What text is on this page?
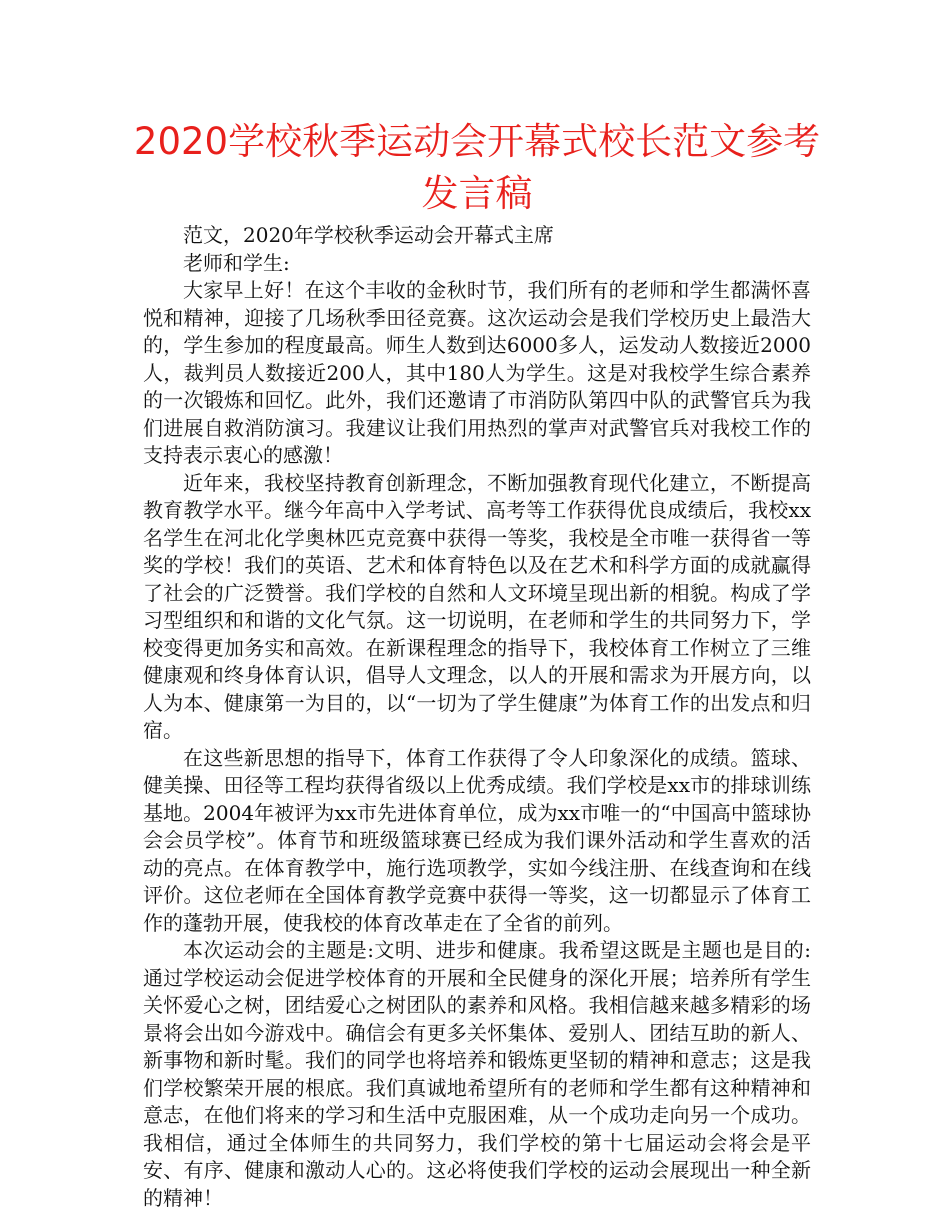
2020学校秋季运动会开幕式校长范文参考发言稿

范文，2020年学校秋季运动会开幕式主席

老师和学生:

大家早上好！在这个丰收的金秋时节，我们所有的老师和学生都满怀喜悦和精神，迎接了几场秋季田径竞赛。这次运动会是我们学校历史上最浩大的，学生参加的程度最高。师生人数到达6000多人，运发动人数接近2000人，裁判员人数接近200人，其中180人为学生。这是对我校学生综合素养的一次锻炼和回忆。此外，我们还邀请了市消防队第四中队的武警官兵为我们进展自救消防演习。我建议让我们用热烈的掌声对武警官兵对我校工作的支持表示衷心的感激！

近年来，我校坚持教育创新理念，不断加强教育现代化建立，不断提高教育教学水平。继今年高中入学考试、高考等工作获得优良成绩后，我校xx名学生在河北化学奥林匹克竞赛中获得一等奖，我校是全市唯一获得省一等奖的学校！我们的英语、艺术和体育特色以及在艺术和科学方面的成就赢得了社会的广泛赞誉。我们学校的自然和人文环境呈现出新的相貌。构成了学习型组织和和谐的文化气氛。这一切说明，在老师和学生的共同努力下，学校变得更加务实和高效。在新课程理念的指导下，我校体育工作树立了三维健康观和终身体育认识，倡导人文理念，以人的开展和需求为开展方向，以人为本、健康第一为目的，以“一切为了学生健康”为体育工作的出发点和归宿。

在这些新思想的指导下，体育工作获得了令人印象深化的成绩。篮球、健美操、田径等工程均获得省级以上优秀成绩。我们学校是xx市的排球训练基地。2004年被评为xx市先进体育单位，成为xx市唯一的“中国高中篮球协会会员学校”。体育节和班级篮球赛已经成为我们课外活动和学生喜欢的活动的亮点。在体育教学中，施行选项教学，实如今线注册、在线查询和在线评价。这位老师在全国体育教学竞赛中获得一等奖，这一切都显示了体育工作的蓬勃开展，使我校的体育改革走在了全省的前列。

本次运动会的主题是:文明、进步和健康。我希望这既是主题也是目的:通过学校运动会促进学校体育的开展和全民健身的深化开展；培养所有学生关怀爱心之树，团结爱心之树团队的素养和风格。我相信越来越多精彩的场景将会出如今游戏中。确信会有更多关怀集体、爱别人、团结互助的新人、新事物和新时髦。我们的同学也将培养和锻炼更坚韧的精神和意志；这是我们学校繁荣开展的根底。我们真诚地希望所有的老师和学生都有这种精神和意志，在他们将来的学习和生活中克服困难，从一个成功走向另一个成功。我相信，通过全体师生的共同努力，我们学校的第十七届运动会将会是平安、有序、健康和激动人心的。这必将使我们学校的运动会展现出一种全新的精神！
